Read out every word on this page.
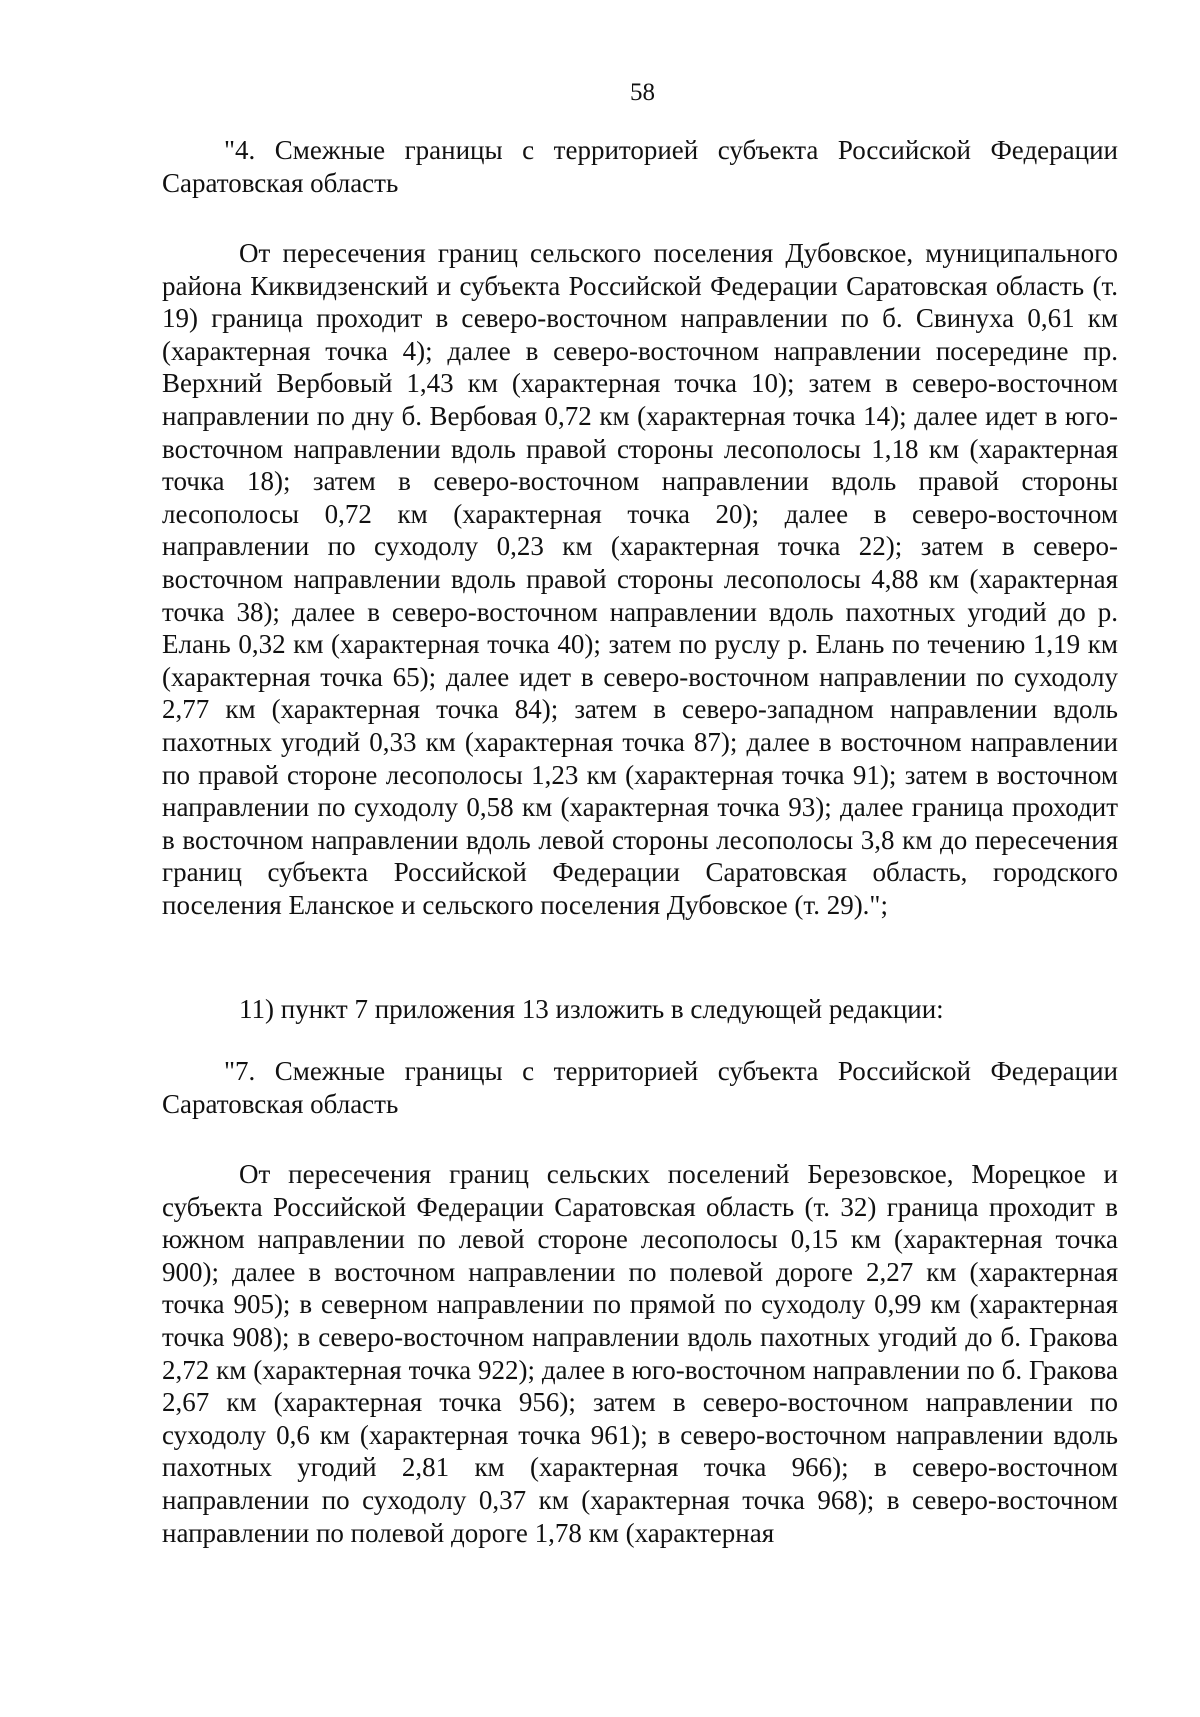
58

"4. Смежные границы с территорией субъекта Российской Федерации

Саратовская область

От пересечения границ сельского поселения Дубовское, муниципального района Киквидзенский и субъекта Российской Федерации Саратовская область (т. 19) граница проходит в северо-восточном направлении по б. Свинуха 0,61 км (характерная точка 4); далее в северо-восточном направлении посередине пр. Верхний Вербовый 1,43 км (характерная точка 10); затем в северо-восточном направлении по дну б. Вербовая 0,72 км (характерная точка 14); далее идет в юго-восточном направлении вдоль правой стороны лесополосы 1,18 км (характерная точка 18); затем в северо-восточном направлении вдоль правой стороны лесополосы 0,72 км (характерная точка 20); далее в северо-восточном направлении по суходолу 0,23 км (характерная точка 22); затем в северо-восточном направлении вдоль правой стороны лесополосы 4,88 км (характерная точка 38); далее в северо-восточном направлении вдоль пахотных угодий до р. Елань 0,32 км (характерная точка 40); затем по руслу р. Елань по течению 1,19 км (характерная точка 65); далее идет в северо-восточном направлении по суходолу 2,77 км (характерная точка 84); затем в северо-западном направлении вдоль пахотных угодий 0,33 км (характерная точка 87); далее в восточном направлении по правой стороне лесополосы 1,23 км (характерная точка 91); затем в восточном направлении по суходолу 0,58 км (характерная точка 93); далее граница проходит в восточном направлении вдоль левой стороны лесополосы 3,8 км до пересечения границ субъекта Российской Федерации Саратовская область, городского поселения Еланское и сельского поселения Дубовское (т. 29).";

11) пункт 7 приложения 13 изложить в следующей редакции:

"7. Смежные границы с территорией субъекта Российской Федерации

Саратовская область

От пересечения границ сельских поселений Березовское, Морецкое и субъекта Российской Федерации Саратовская область (т. 32) граница проходит в южном направлении по левой стороне лесополосы 0,15 км (характерная точка 900); далее в восточном направлении по полевой дороге 2,27 км (характерная точка 905); в северном направлении по прямой по суходолу 0,99 км (характерная точка 908); в северо-восточном направлении вдоль пахотных угодий до б. Гракова 2,72 км (характерная точка 922); далее в юго-восточном направлении по б. Гракова 2,67 км (характерная точка 956); затем в северо-восточном направлении по суходолу 0,6 км (характерная точка 961); в северо-восточном направлении вдоль пахотных угодий 2,81 км (характерная точка 966); в северо-восточном направлении по суходолу 0,37 км (характерная точка 968); в северо-восточном направлении по полевой дороге 1,78 км (характерная
